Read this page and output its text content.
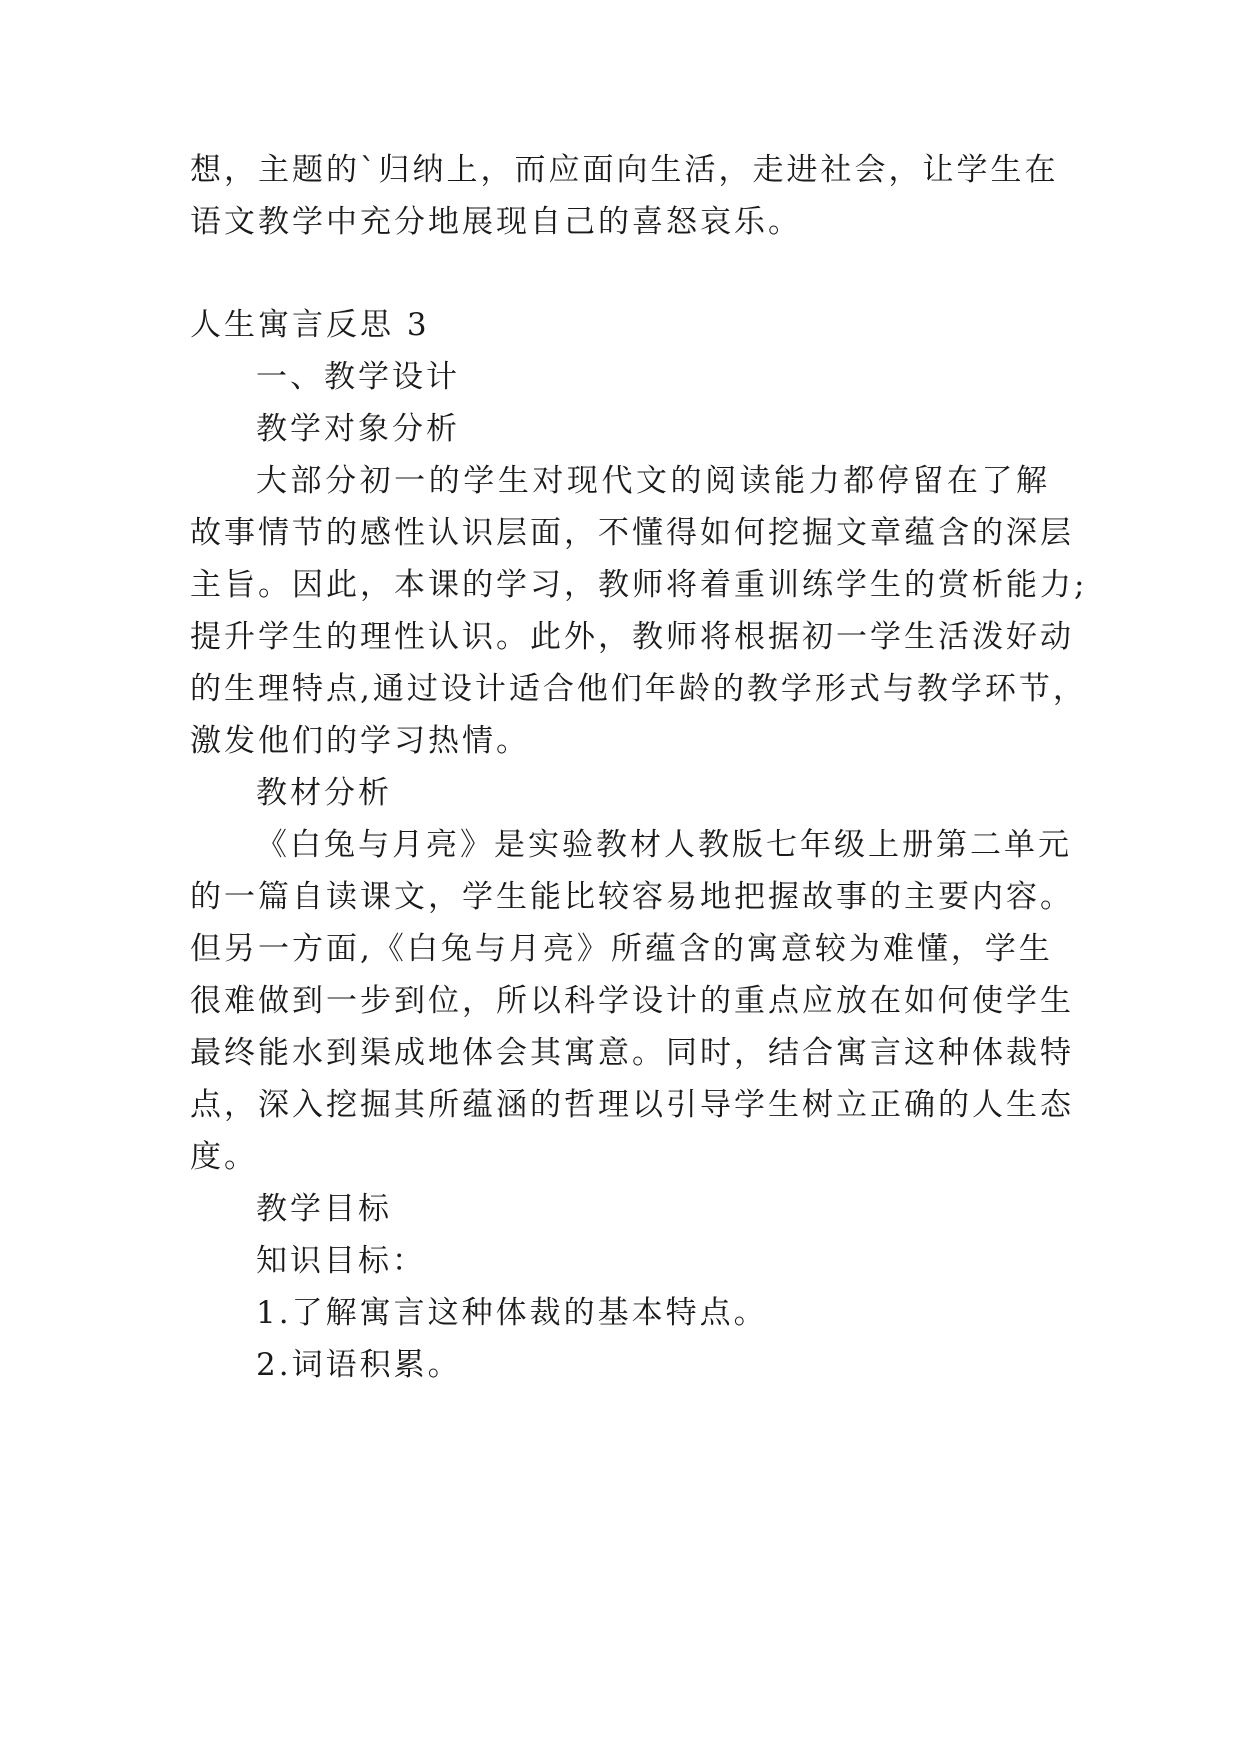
想，主题的`归纳上，而应面向生活，走进社会，让学生在
语文教学中充分地展现自己的喜怒哀乐。
人生寓言反思 3
一、教学设计
教学对象分析
大部分初一的学生对现代文的阅读能力都停留在了解
故事情节的感性认识层面，不懂得如何挖掘文章蕴含的深层
主旨。因此，本课的学习，教师将着重训练学生的赏析能力;
提升学生的理性认识。此外，教师将根据初一学生活泼好动
的生理特点,通过设计适合他们年龄的教学形式与教学环节，
激发他们的学习热情。
教材分析
《白兔与月亮》是实验教材人教版七年级上册第二单元
的一篇自读课文，学生能比较容易地把握故事的主要内容。
但另一方面,《白兔与月亮》所蕴含的寓意较为难懂，学生
很难做到一步到位，所以科学设计的重点应放在如何使学生
最终能水到渠成地体会其寓意。同时，结合寓言这种体裁特
点，深入挖掘其所蕴涵的哲理以引导学生树立正确的人生态
度。
教学目标
知识目标：
1.了解寓言这种体裁的基本特点。
2.词语积累。
